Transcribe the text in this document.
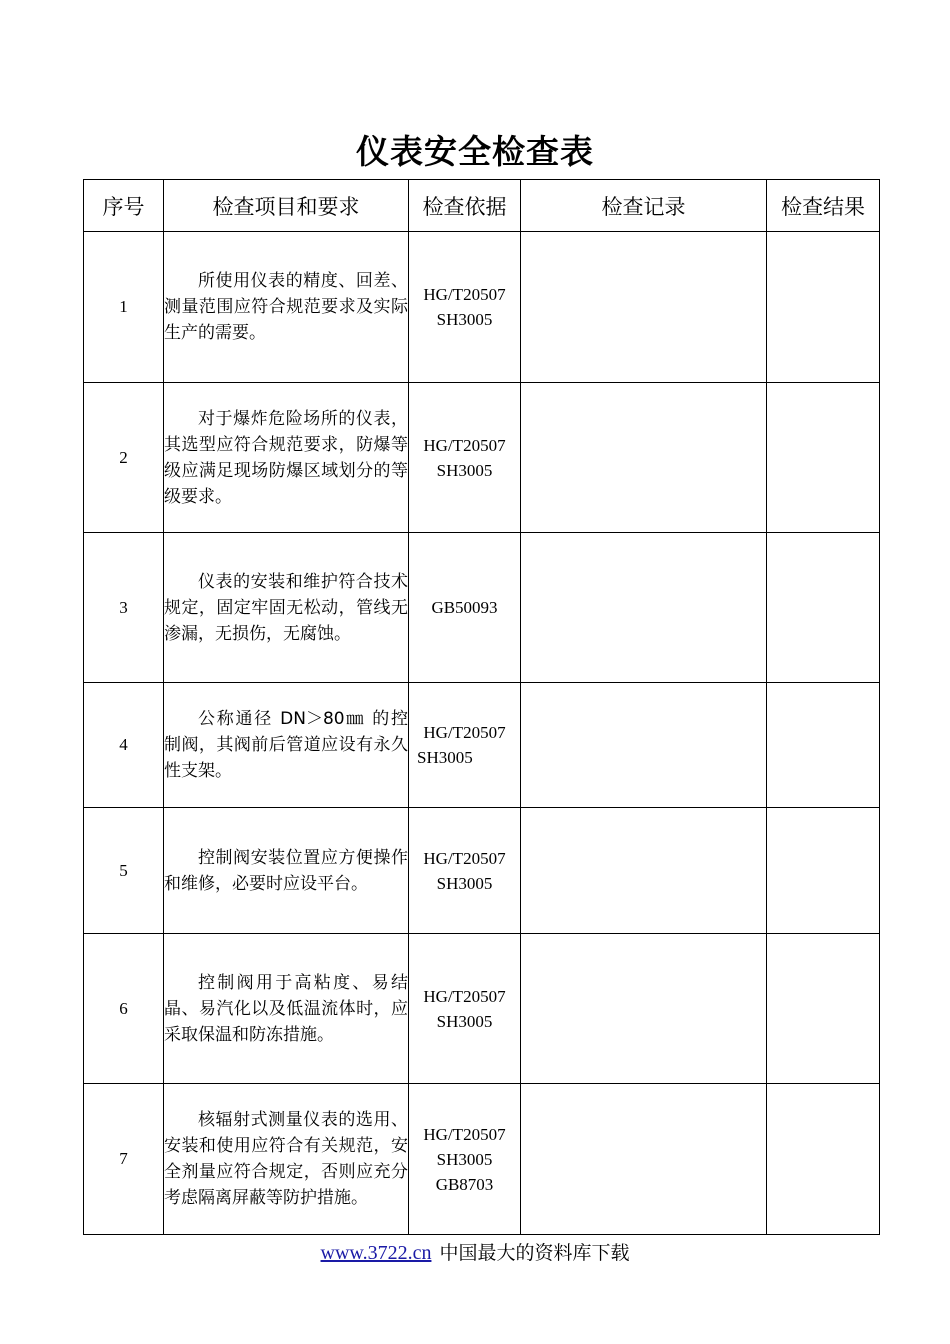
仪表安全检查表
序号	检查项目和要求	检查依据	检查记录	检查结果
1	所使用仪表的精度、回差、测量范围应符合规范要求及实际生产的需要。	HG/T20507
SH3005		

2	对于爆炸危险场所的仪表，其选型应符合规范要求，防爆等级应满足现场防爆区域划分的等级要求。	HG/T20507
SH3005		

3	仪表的安装和维护符合技术规定，固定牢固无松动，管线无渗漏，无损伤，无腐蚀。	GB50093		

4	公称通径 DN＞80㎜ 的控制阀，其阀前后管道应设有永久性支架。	HG/T20507
SH3005		

5	控制阀安装位置应方便操作和维修，必要时应设平台。	HG/T20507
SH3005		

6	控制阀用于高粘度、易结晶、易汽化以及低温流体时，应采取保温和防冻措施。	HG/T20507
SH3005		

7	核辐射式测量仪表的选用、安装和使用应符合有关规范，安全剂量应符合规定，否则应充分考虑隔离屏蔽等防护措施。	HG/T20507
SH3005
GB8703		

www.3722.cn 中国最大的资料库下载
